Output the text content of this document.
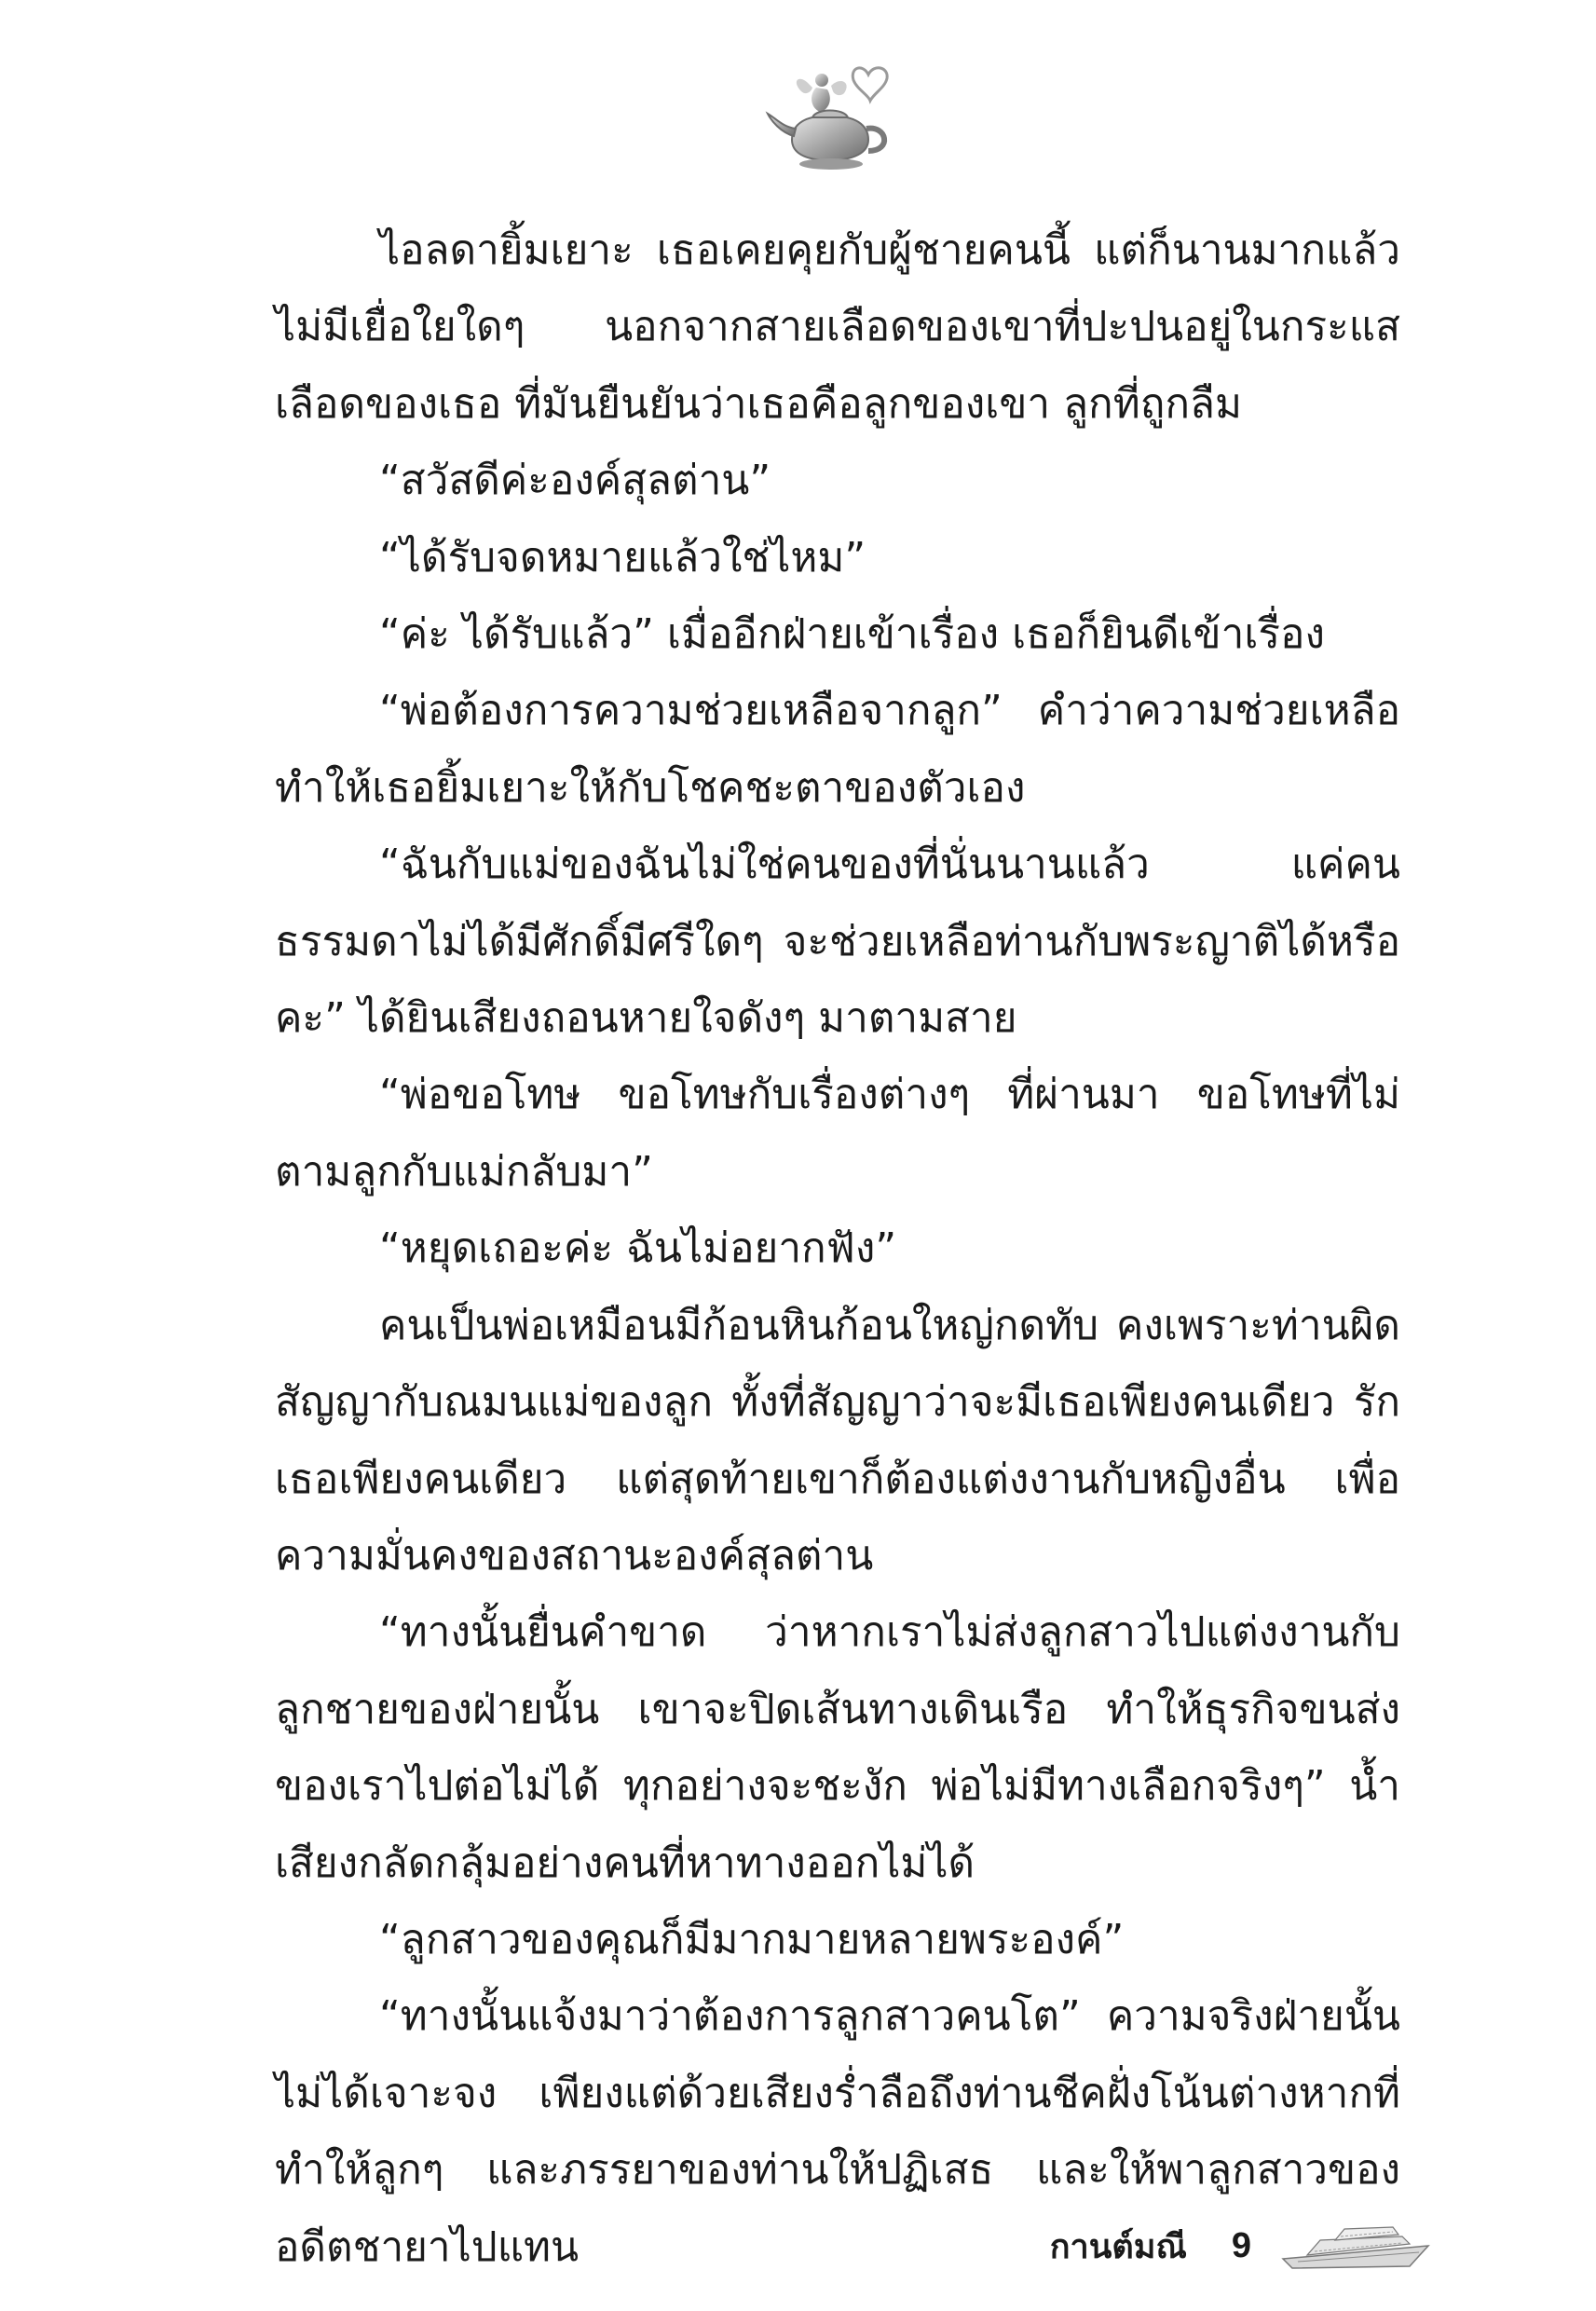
ไอลดายิ้มเยาะ เธอเคยคุยกับผู้ชายคนนี้ แต่ก็นานมากแล้ว ไม่มีเยื่อใยใดๆ นอกจากสายเลือดของเขาที่ปะปนอยู่ในกระแสเลือดของเธอ ที่มันยืนยันว่าเธอคือลูกของเขา ลูกที่ถูกลืม

“สวัสดีค่ะองค์สุลต่าน”

“ได้รับจดหมายแล้วใช่ไหม”

“ค่ะ ได้รับแล้ว” เมื่ออีกฝ่ายเข้าเรื่อง เธอก็ยินดีเข้าเรื่อง

“พ่อต้องการความช่วยเหลือจากลูก” คำว่าความช่วยเหลือทำให้เธอยิ้มเยาะให้กับโชคชะตาของตัวเอง

“ฉันกับแม่ของฉันไม่ใช่คนของที่นั่นนานแล้ว แค่คนธรรมดาไม่ได้มีศักดิ์มีศรีใดๆ จะช่วยเหลือท่านกับพระญาติได้หรือคะ” ได้ยินเสียงถอนหายใจดังๆ มาตามสาย

“พ่อขอโทษ ขอโทษกับเรื่องต่างๆ ที่ผ่านมา ขอโทษที่ไม่ตามลูกกับแม่กลับมา”

“หยุดเถอะค่ะ ฉันไม่อยากฟัง”

คนเป็นพ่อเหมือนมีก้อนหินก้อนใหญ่กดทับ คงเพราะท่านผิดสัญญากับณมนแม่ของลูก ทั้งที่สัญญาว่าจะมีเธอเพียงคนเดียว รักเธอเพียงคนเดียว แต่สุดท้ายเขาก็ต้องแต่งงานกับหญิงอื่น เพื่อความมั่นคงของสถานะองค์สุลต่าน

“ทางนั้นยื่นคำขาด ว่าหากเราไม่ส่งลูกสาวไปแต่งงานกับลูกชายของฝ่ายนั้น เขาจะปิดเส้นทางเดินเรือ ทำให้ธุรกิจขนส่งของเราไปต่อไม่ได้ ทุกอย่างจะชะงัก พ่อไม่มีทางเลือกจริงๆ” น้ำเสียงกลัดกลุ้มอย่างคนที่หาทางออกไม่ได้

“ลูกสาวของคุณก็มีมากมายหลายพระองค์”

“ทางนั้นแจ้งมาว่าต้องการลูกสาวคนโต” ความจริงฝ่ายนั้นไม่ได้เจาะจง เพียงแต่ด้วยเสียงร่ำลือถึงท่านชีคฝั่งโน้นต่างหากที่ทำให้ลูกๆ และภรรยาของท่านให้ปฏิเสธ และให้พาลูกสาวของอดีตชายาไปแทน	กานต์มณี 9
